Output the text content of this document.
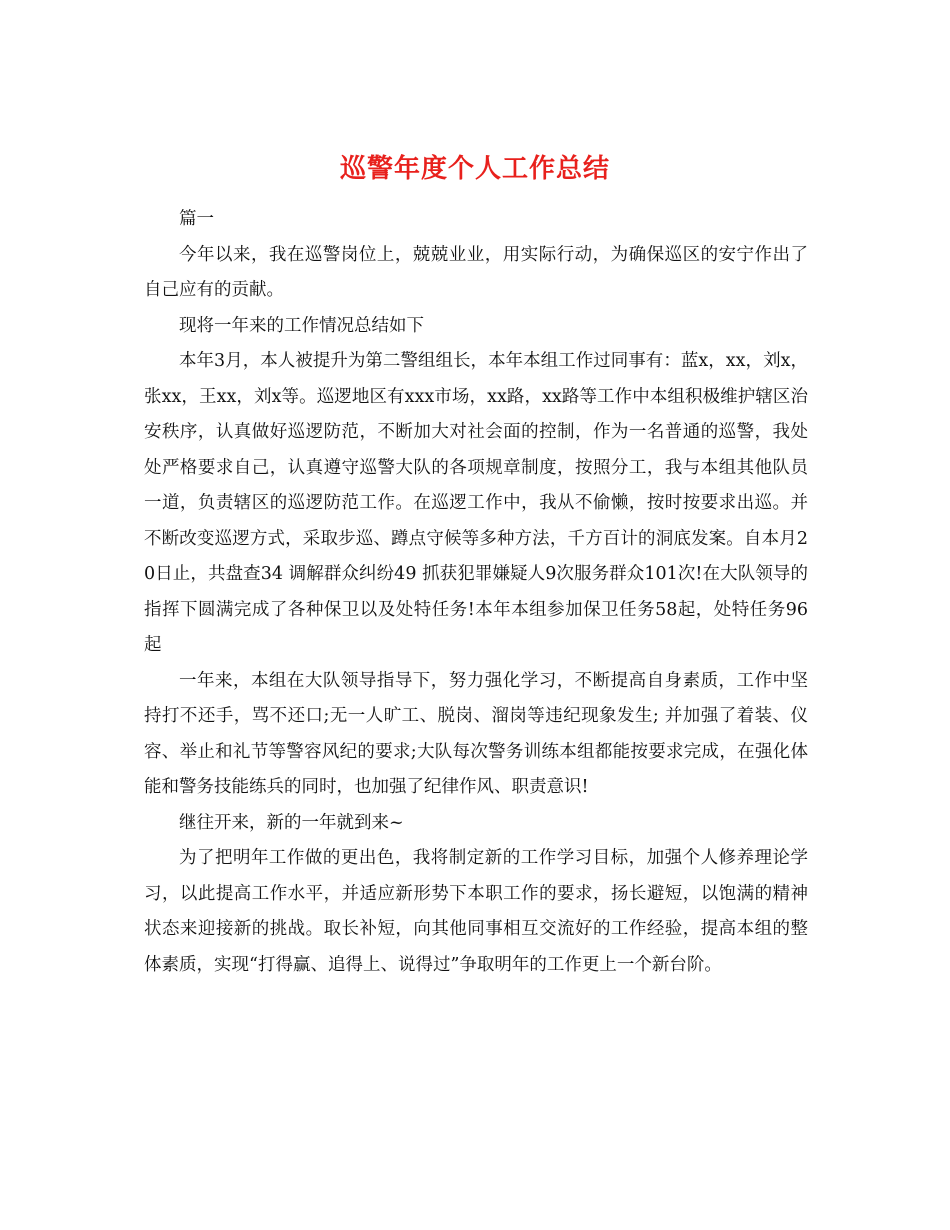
巡警年度个人工作总结

篇一

今年以来，我在巡警岗位上，兢兢业业，用实际行动，为确保巡区的安宁作出了自己应有的贡献。

现将一年来的工作情况总结如下

本年3月，本人被提升为第二警组组长，本年本组工作过同事有：蓝x，xx，刘x，张xx，王xx，刘x等。巡逻地区有xxx市场，xx路，xx路等工作中本组积极维护辖区治安秩序，认真做好巡逻防范，不断加大对社会面的控制，作为一名普通的巡警，我处处严格要求自己，认真遵守巡警大队的各项规章制度，按照分工，我与本组其他队员一道，负责辖区的巡逻防范工作。在巡逻工作中，我从不偷懒，按时按要求出巡。并不断改变巡逻方式，采取步巡、蹲点守候等多种方法，千方百计的洞底发案。自本月20日止，共盘查34 调解群众纠纷49 抓获犯罪嫌疑人9次服务群众101次!在大队领导的指挥下圆满完成了各种保卫以及处特任务!本年本组参加保卫任务58起，处特任务96起

一年来，本组在大队领导指导下，努力强化学习，不断提高自身素质，工作中坚持打不还手，骂不还口;无一人旷工、脱岗、溜岗等违纪现象发生; 并加强了着装、仪容、举止和礼节等警容风纪的要求;大队每次警务训练本组都能按要求完成，在强化体能和警务技能练兵的同时，也加强了纪律作风、职责意识!

继往开来，新的一年就到来~

为了把明年工作做的更出色，我将制定新的工作学习目标，加强个人修养理论学习，以此提高工作水平，并适应新形势下本职工作的要求，扬长避短，以饱满的精神状态来迎接新的挑战。取长补短，向其他同事相互交流好的工作经验，提高本组的整体素质，实现“打得赢、追得上、说得过”争取明年的工作更上一个新台阶。
